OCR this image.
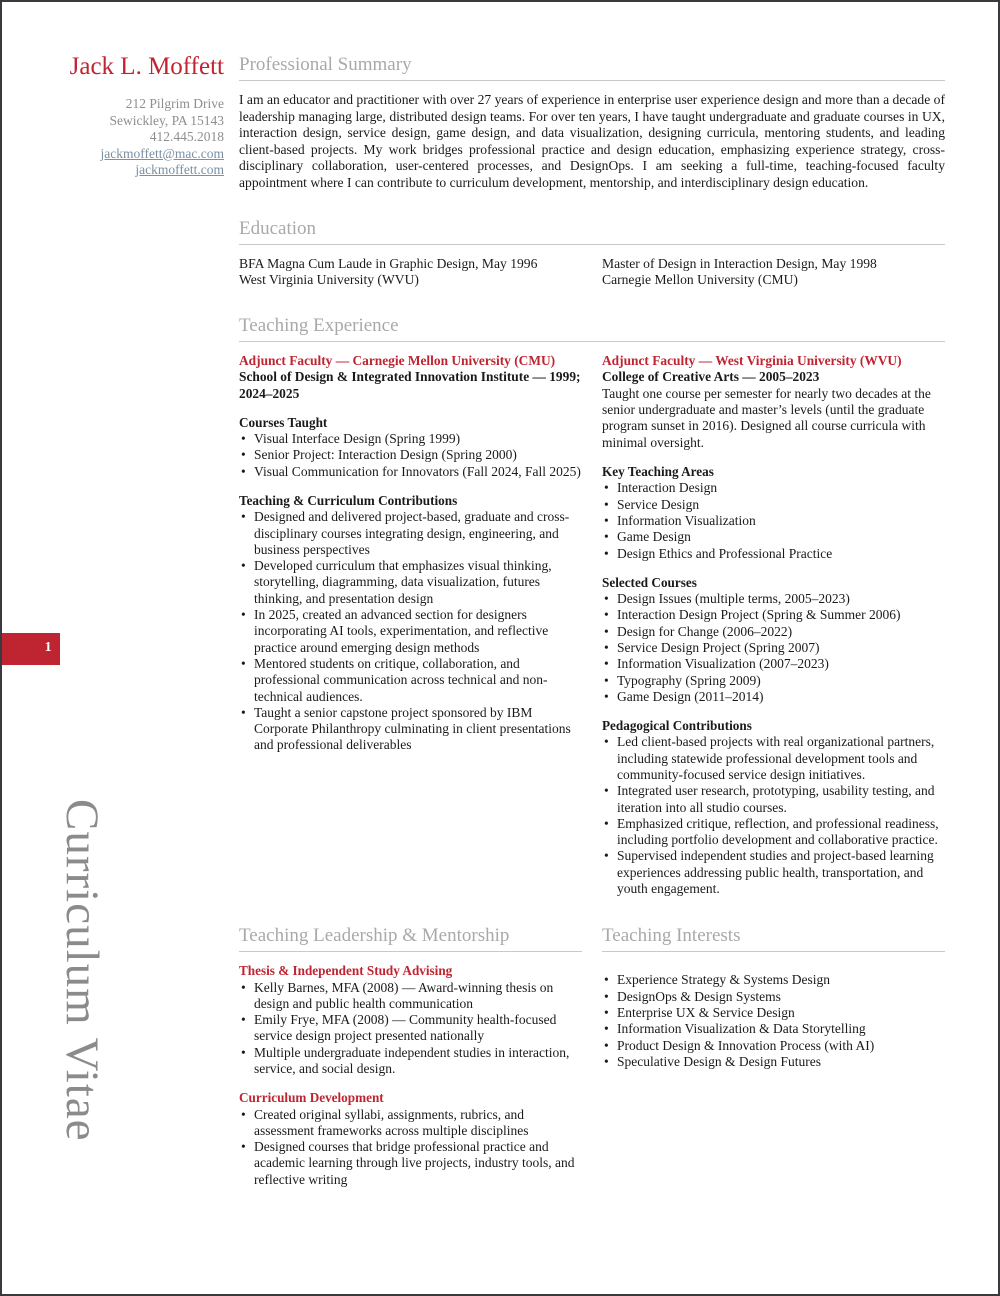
1
Curriculum Vitae
Jack L. Moffett
212 Pilgrim Drive
Sewickley, PA 15143
412.445.2018
jackmoffett@mac.com
jackmoffett.com
Professional Summary
I am an educator and practitioner with over 27 years of experience in enterprise user experience design and more than a decade of leadership managing large, distributed design teams. For over ten years, I have taught undergraduate and graduate courses in UX, interaction design, service design, game design, and data visualization, designing curricula, mentoring students, and leading client-based projects. My work bridges professional practice and design education, emphasizing experience strategy, cross-disciplinary collaboration, user-centered processes, and DesignOps. I am seeking a full-time, teaching-focused faculty appointment where I can contribute to curriculum development, mentorship, and interdisciplinary design education.
Education
BFA Magna Cum Laude in Graphic Design, May 1996
West Virginia University (WVU)
Master of Design in Interaction Design, May 1998
Carnegie Mellon University (CMU)
Teaching Experience
Adjunct Faculty — Carnegie Mellon University (CMU)
School of Design & Integrated Innovation Institute — 1999; 2024–2025
Courses Taught
• Visual Interface Design (Spring 1999)
• Senior Project: Interaction Design (Spring 2000)
• Visual Communication for Innovators (Fall 2024, Fall 2025)
Teaching & Curriculum Contributions
• Designed and delivered project-based, graduate and cross-disciplinary courses integrating design, engineering, and business perspectives
• Developed curriculum that emphasizes visual thinking, storytelling, diagramming, data visualization, futures thinking, and presentation design
• In 2025, created an advanced section for designers incorporating AI tools, experimentation, and reflective practice around emerging design methods
• Mentored students on critique, collaboration, and professional communication across technical and non-technical audiences.
• Taught a senior capstone project sponsored by IBM Corporate Philanthropy culminating in client presentations and professional deliverables
Adjunct Faculty — West Virginia University (WVU)
College of Creative Arts — 2005–2023
Taught one course per semester for nearly two decades at the senior undergraduate and master’s levels (until the graduate program sunset in 2016). Designed all course curricula with minimal oversight.
Key Teaching Areas
• Interaction Design
• Service Design
• Information Visualization
• Game Design
• Design Ethics and Professional Practice
Selected Courses
• Design Issues (multiple terms, 2005–2023)
• Interaction Design Project (Spring & Summer 2006)
• Design for Change (2006–2022)
• Service Design Project (Spring 2007)
• Information Visualization (2007–2023)
• Typography (Spring 2009)
• Game Design (2011–2014)
Pedagogical Contributions
• Led client-based projects with real organizational partners, including statewide professional development tools and community-focused service design initiatives.
• Integrated user research, prototyping, usability testing, and iteration into all studio courses.
• Emphasized critique, reflection, and professional readiness, including portfolio development and collaborative practice.
• Supervised independent studies and project-based learning experiences addressing public health, transportation, and youth engagement.
Teaching Leadership & Mentorship
Thesis & Independent Study Advising
• Kelly Barnes, MFA (2008) — Award-winning thesis on design and public health communication
• Emily Frye, MFA (2008) — Community health-focused service design project presented nationally
• Multiple undergraduate independent studies in interaction, service, and social design.
Curriculum Development
• Created original syllabi, assignments, rubrics, and assessment frameworks across multiple disciplines
• Designed courses that bridge professional practice and academic learning through live projects, industry tools, and reflective writing
Teaching Interests
• Experience Strategy & Systems Design
• DesignOps & Design Systems
• Enterprise UX & Service Design
• Information Visualization & Data Storytelling
• Product Design & Innovation Process (with AI)
• Speculative Design & Design Futures
